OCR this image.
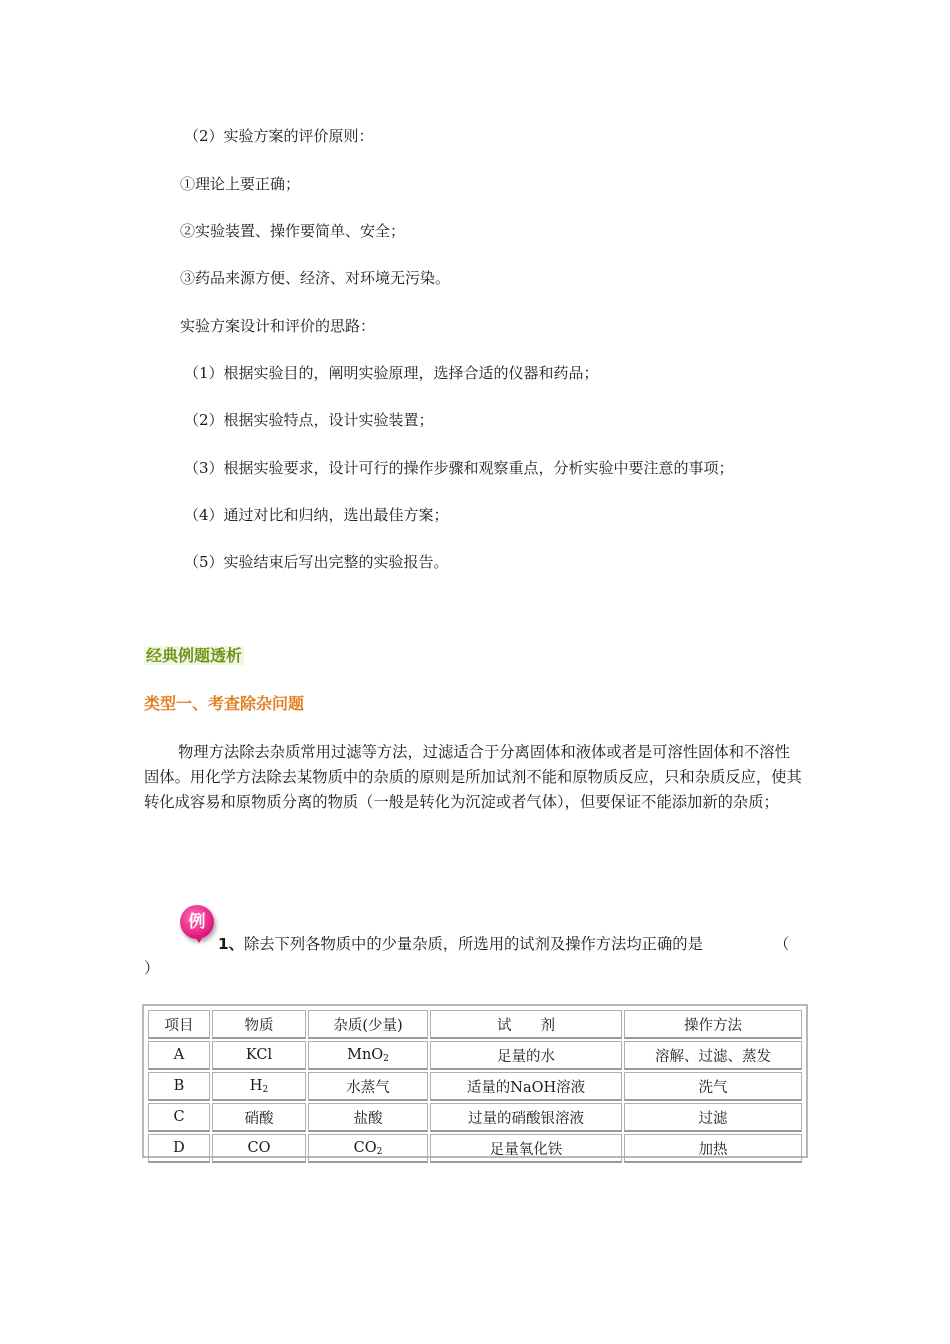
（2）实验方案的评价原则：
①理论上要正确；
②实验装置、操作要简单、安全；
③药品来源方便、经济、对环境无污染。
实验方案设计和评价的思路：
（1）根据实验目的，阐明实验原理，选择合适的仪器和药品；
（2）根据实验特点，设计实验装置；
（3）根据实验要求，设计可行的操作步骤和观察重点，分析实验中要注意的事项；
（4）通过对比和归纳，选出最佳方案；
（5）实验结束后写出完整的实验报告。
经典例题透析
类型一、考查除杂问题
物理方法除去杂质常用过滤等方法，过滤适合于分离固体和液体或者是可溶性固体和不溶性固体。用化学方法除去某物质中的杂质的原则是所加试剂不能和原物质反应，只和杂质反应，使其转化成容易和原物质分离的物质（一般是转化为沉淀或者气体），但要保证不能添加新的杂质；
例
1、除去下列各物质中的少量杂质，所选用的试剂及操作方法均正确的是	（
）
项目	物质	杂质(少量)	试　　剂	操作方法
A	KCl	MnO$_2$	足量的水	溶解、过滤、蒸发
B	$H_2$	水蒸气	适量的NaOH溶液	洗气
C	硝酸	盐酸	过量的硝酸银溶液	过滤
D	CO	$CO_2$	足量氧化铁	加热
